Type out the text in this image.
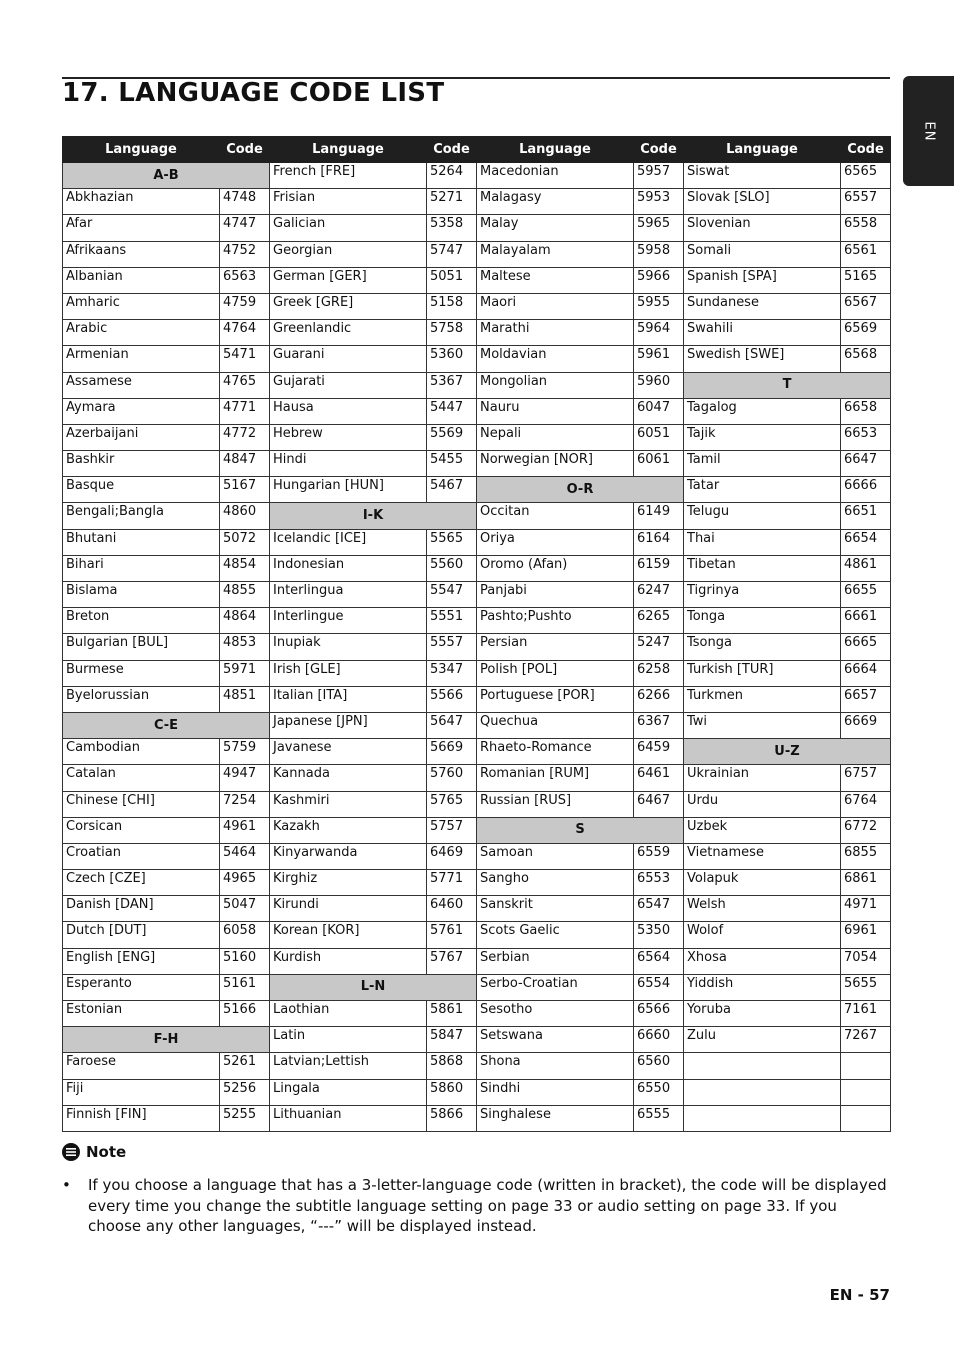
17. LANGUAGE CODE LIST
EN
Language	Code	Language	Code	Language	Code	Language	Code
A-B		French [FRE]	5264	Macedonian	5957	Siswat	6565
Abkhazian	4748	Frisian	5271	Malagasy	5953	Slovak [SLO]	6557
Afar	4747	Galician	5358	Malay	5965	Slovenian	6558
Afrikaans	4752	Georgian	5747	Malayalam	5958	Somali	6561
Albanian	6563	German [GER]	5051	Maltese	5966	Spanish [SPA]	5165
Amharic	4759	Greek [GRE]	5158	Maori	5955	Sundanese	6567
Arabic	4764	Greenlandic	5758	Marathi	5964	Swahili	6569
Armenian	5471	Guarani	5360	Moldavian	5961	Swedish [SWE]	6568
Assamese	4765	Gujarati	5367	Mongolian	5960	T	
Aymara	4771	Hausa	5447	Nauru	6047	Tagalog	6658
Azerbaijani	4772	Hebrew	5569	Nepali	6051	Tajik	6653
Bashkir	4847	Hindi	5455	Norwegian [NOR]	6061	Tamil	6647
Basque	5167	Hungarian [HUN]	5467	O-R		Tatar	6666
Bengali;Bangla	4860	I-K		Occitan	6149	Telugu	6651
Bhutani	5072	Icelandic [ICE]	5565	Oriya	6164	Thai	6654
Bihari	4854	Indonesian	5560	Oromo (Afan)	6159	Tibetan	4861
Bislama	4855	Interlingua	5547	Panjabi	6247	Tigrinya	6655
Breton	4864	Interlingue	5551	Pashto;Pushto	6265	Tonga	6661
Bulgarian [BUL]	4853	Inupiak	5557	Persian	5247	Tsonga	6665
Burmese	5971	Irish [GLE]	5347	Polish [POL]	6258	Turkish [TUR]	6664
Byelorussian	4851	Italian [ITA]	5566	Portuguese [POR]	6266	Turkmen	6657
C-E		Japanese [JPN]	5647	Quechua	6367	Twi	6669
Cambodian	5759	Javanese	5669	Rhaeto-Romance	6459	U-Z	
Catalan	4947	Kannada	5760	Romanian [RUM]	6461	Ukrainian	6757
Chinese [CHI]	7254	Kashmiri	5765	Russian [RUS]	6467	Urdu	6764
Corsican	4961	Kazakh	5757	S		Uzbek	6772
Croatian	5464	Kinyarwanda	6469	Samoan	6559	Vietnamese	6855
Czech [CZE]	4965	Kirghiz	5771	Sangho	6553	Volapuk	6861
Danish [DAN]	5047	Kirundi	6460	Sanskrit	6547	Welsh	4971
Dutch [DUT]	6058	Korean [KOR]	5761	Scots Gaelic	5350	Wolof	6961
English [ENG]	5160	Kurdish	5767	Serbian	6564	Xhosa	7054
Esperanto	5161	L-N		Serbo-Croatian	6554	Yiddish	5655
Estonian	5166	Laothian	5861	Sesotho	6566	Yoruba	7161
F-H		Latin	5847	Setswana	6660	Zulu	7267
Faroese	5261	Latvian;Lettish	5868	Shona	6560		
Fiji	5256	Lingala	5860	Sindhi	6550		
Finnish [FIN]	5255	Lithuanian	5866	Singhalese	6555		
Note
•	If you choose a language that has a 3-letter-language code (written in bracket), the code will be displayed every time you change the subtitle language setting on page 33 or audio setting on page 33. If you choose any other languages, “---” will be displayed instead.
EN - 57
